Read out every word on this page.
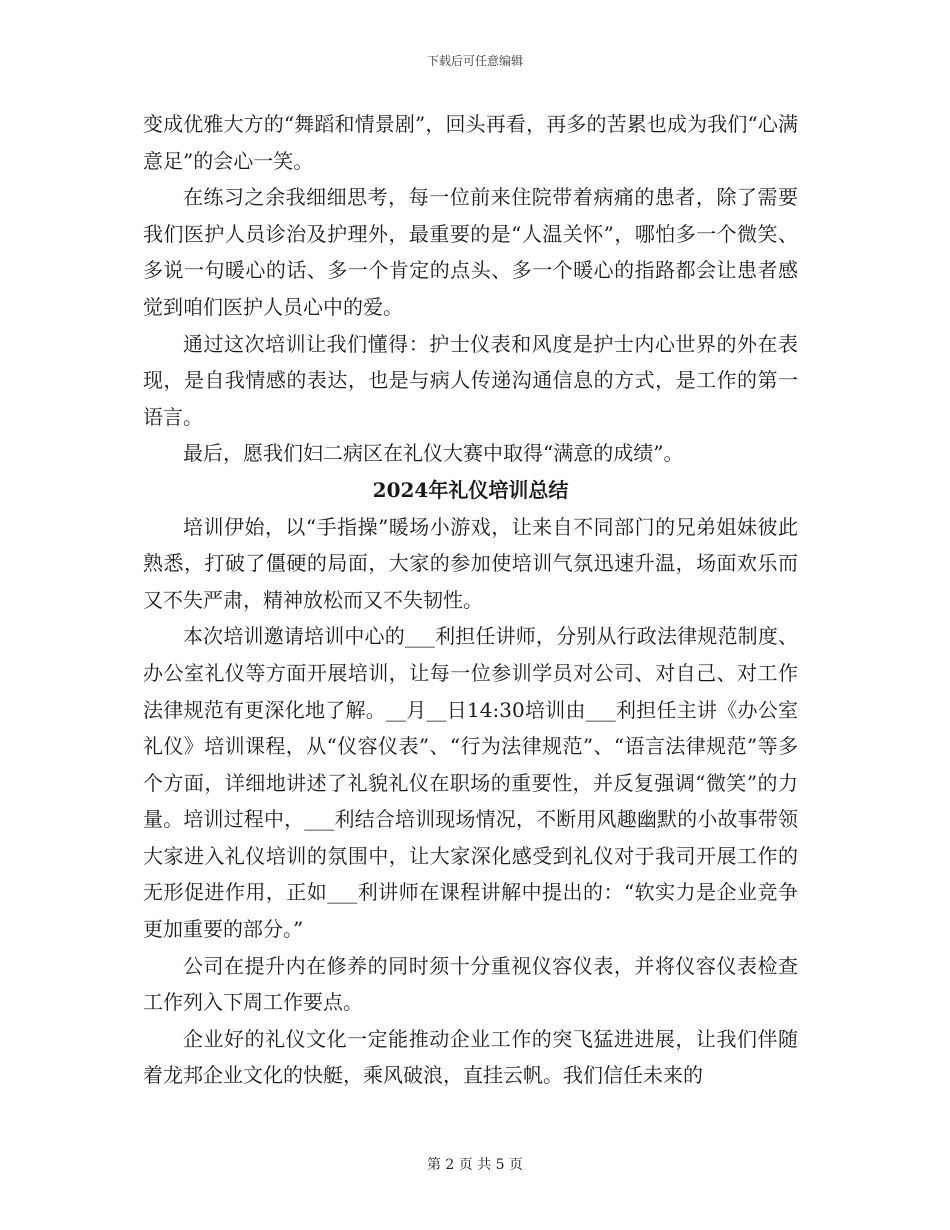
下载后可任意编辑

变成优雅大方的“舞蹈和情景剧”，回头再看，再多的苦累也成为我们“心满意足”的会心一笑。

在练习之余我细细思考，每一位前来住院带着病痛的患者，除了需要我们医护人员诊治及护理外，最重要的是“人温关怀”，哪怕多一个微笑、多说一句暖心的话、多一个肯定的点头、多一个暖心的指路都会让患者感觉到咱们医护人员心中的爱。

通过这次培训让我们懂得：护士仪表和风度是护士内心世界的外在表现，是自我情感的表达，也是与病人传递沟通信息的方式，是工作的第一语言。

最后，愿我们妇二病区在礼仪大赛中取得“满意的成绩”。

2024年礼仪培训总结

培训伊始，以“手指操”暖场小游戏，让来自不同部门的兄弟姐妹彼此熟悉，打破了僵硬的局面，大家的参加使培训气氛迅速升温，场面欢乐而又不失严肃，精神放松而又不失韧性。

本次培训邀请培训中心的___利担任讲师，分别从行政法律规范制度、办公室礼仪等方面开展培训，让每一位参训学员对公司、对自己、对工作法律规范有更深化地了解。__月__日14:30培训由___利担任主讲《办公室礼仪》培训课程，从“仪容仪表”、“行为法律规范”、“语言法律规范”等多个方面，详细地讲述了礼貌礼仪在职场的重要性，并反复强调“微笑”的力量。培训过程中，___利结合培训现场情况，不断用风趣幽默的小故事带领大家进入礼仪培训的氛围中，让大家深化感受到礼仪对于我司开展工作的无形促进作用，正如___利讲师在课程讲解中提出的：“软实力是企业竞争更加重要的部分。”

公司在提升内在修养的同时须十分重视仪容仪表，并将仪容仪表检查工作列入下周工作要点。

企业好的礼仪文化一定能推动企业工作的突飞猛进进展，让我们伴随着龙邦企业文化的快艇，乘风破浪，直挂云帆。我们信任未来的

第 2 页 共 5 页
